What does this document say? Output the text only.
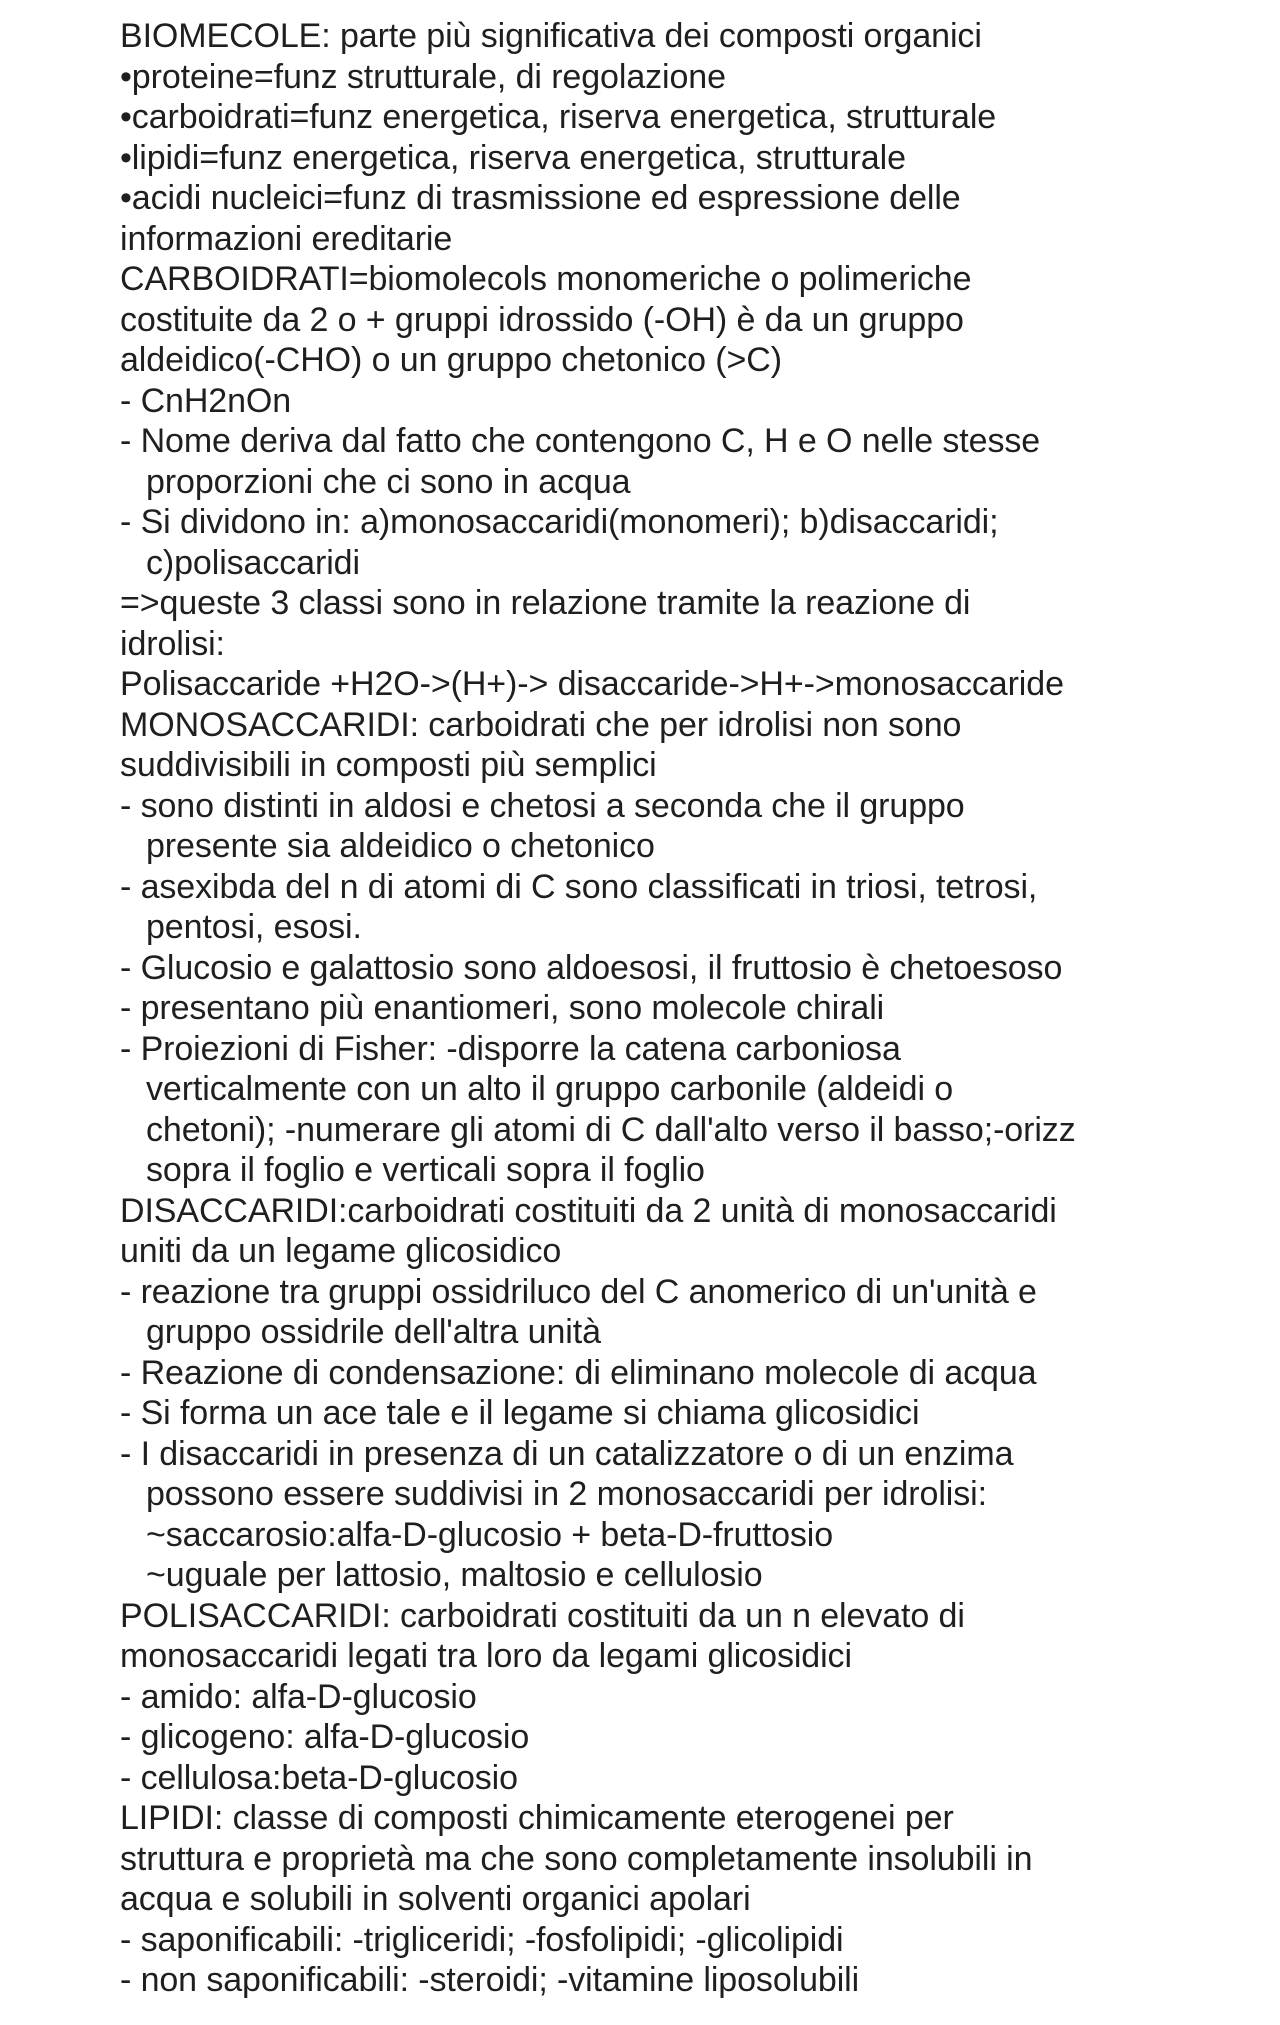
BIOMECOLE: parte più significativa dei composti organici
•proteine=funz strutturale, di regolazione
•carboidrati=funz energetica, riserva energetica, strutturale
•lipidi=funz energetica, riserva energetica, strutturale
•acidi nucleici=funz di trasmissione ed espressione delle
informazioni ereditarie
CARBOIDRATI=biomolecols monomeriche o polimeriche
costituite da 2 o + gruppi idrossido (-OH) è da un gruppo
aldeidico(-CHO) o un gruppo chetonico (>C)
- CnH2nOn
- Nome deriva dal fatto che contengono C, H e O nelle stesse
proporzioni che ci sono in acqua
- Si dividono in: a)monosaccaridi(monomeri); b)disaccaridi;
c)polisaccaridi
=>queste 3 classi sono in relazione tramite la reazione di
idrolisi:
Polisaccaride +H2O->(H+)-> disaccaride->H+->monosaccaride
MONOSACCARIDI: carboidrati che per idrolisi non sono
suddivisibili in composti più semplici
- sono distinti in aldosi e chetosi a seconda che il gruppo
presente sia aldeidico o chetonico
- asexibda del n di atomi di C sono classificati in triosi, tetrosi,
pentosi, esosi.
- Glucosio e galattosio sono aldoesosi, il fruttosio è chetoesoso
- presentano più enantiomeri, sono molecole chirali
- Proiezioni di Fisher: -disporre la catena carboniosa
verticalmente con un alto il gruppo carbonile (aldeidi o
chetoni); -numerare gli atomi di C dall'alto verso il basso;-orizz
sopra il foglio e verticali sopra il foglio
DISACCARIDI:carboidrati costituiti da 2 unità di monosaccaridi
uniti da un legame glicosidico
- reazione tra gruppi ossidriluco del C anomerico di un'unità e
gruppo ossidrile dell'altra unità
- Reazione di condensazione: di eliminano molecole di acqua
- Si forma un ace tale e il legame si chiama glicosidici
- I disaccaridi in presenza di un catalizzatore o di un enzima
possono essere suddivisi in 2 monosaccaridi per idrolisi:
~saccarosio:alfa-D-glucosio + beta-D-fruttosio
~uguale per lattosio, maltosio e cellulosio
POLISACCARIDI: carboidrati costituiti da un n elevato di
monosaccaridi legati tra loro da legami glicosidici
- amido: alfa-D-glucosio
- glicogeno: alfa-D-glucosio
- cellulosa:beta-D-glucosio
LIPIDI: classe di composti chimicamente eterogenei per
struttura e proprietà ma che sono completamente insolubili in
acqua e solubili in solventi organici apolari
- saponificabili: -trigliceridi; -fosfolipidi; -glicolipidi
- non saponificabili: -steroidi; -vitamine liposolubili
